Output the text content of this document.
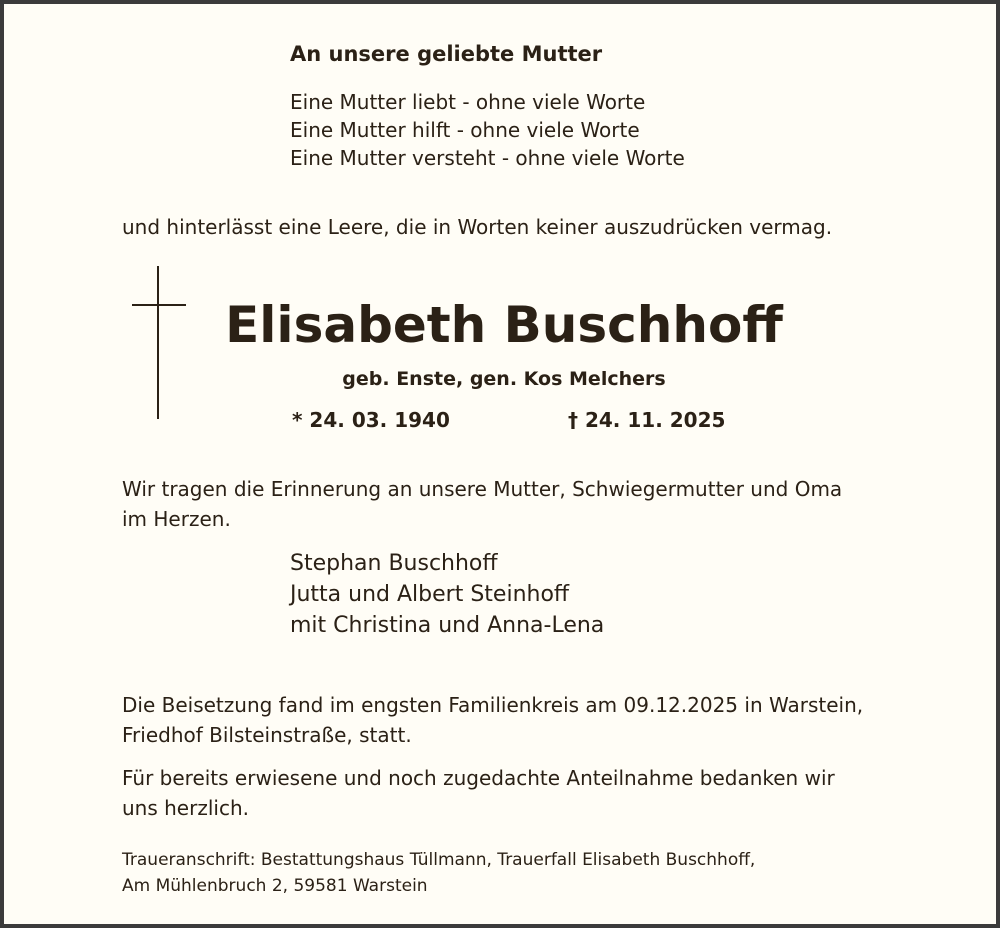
An unsere geliebte Mutter

Eine Mutter liebt - ohne viele Worte
Eine Mutter hilft - ohne viele Worte
Eine Mutter versteht - ohne viele Worte

und hinterlässt eine Leere, die in Worten keiner auszudrücken vermag.

Elisabeth Buschhoff

geb. Enste, gen. Kos Melchers

* 24. 03. 1940	† 24. 11. 2025

Wir tragen die Erinnerung an unsere Mutter, Schwiegermutter und Oma
im Herzen.
Stephan Buschhoff
Jutta und Albert Steinhoff
mit Christina und Anna-Lena
Die Beisetzung fand im engsten Familienkreis am 09.12.2025 in Warstein,
Friedhof Bilsteinstraße, statt.
Für bereits erwiesene und noch zugedachte Anteilnahme bedanken wir
uns herzlich.
Traueranschrift: Bestattungshaus Tüllmann, Trauerfall Elisabeth Buschhoff,
Am Mühlenbruch 2, 59581 Warstein
